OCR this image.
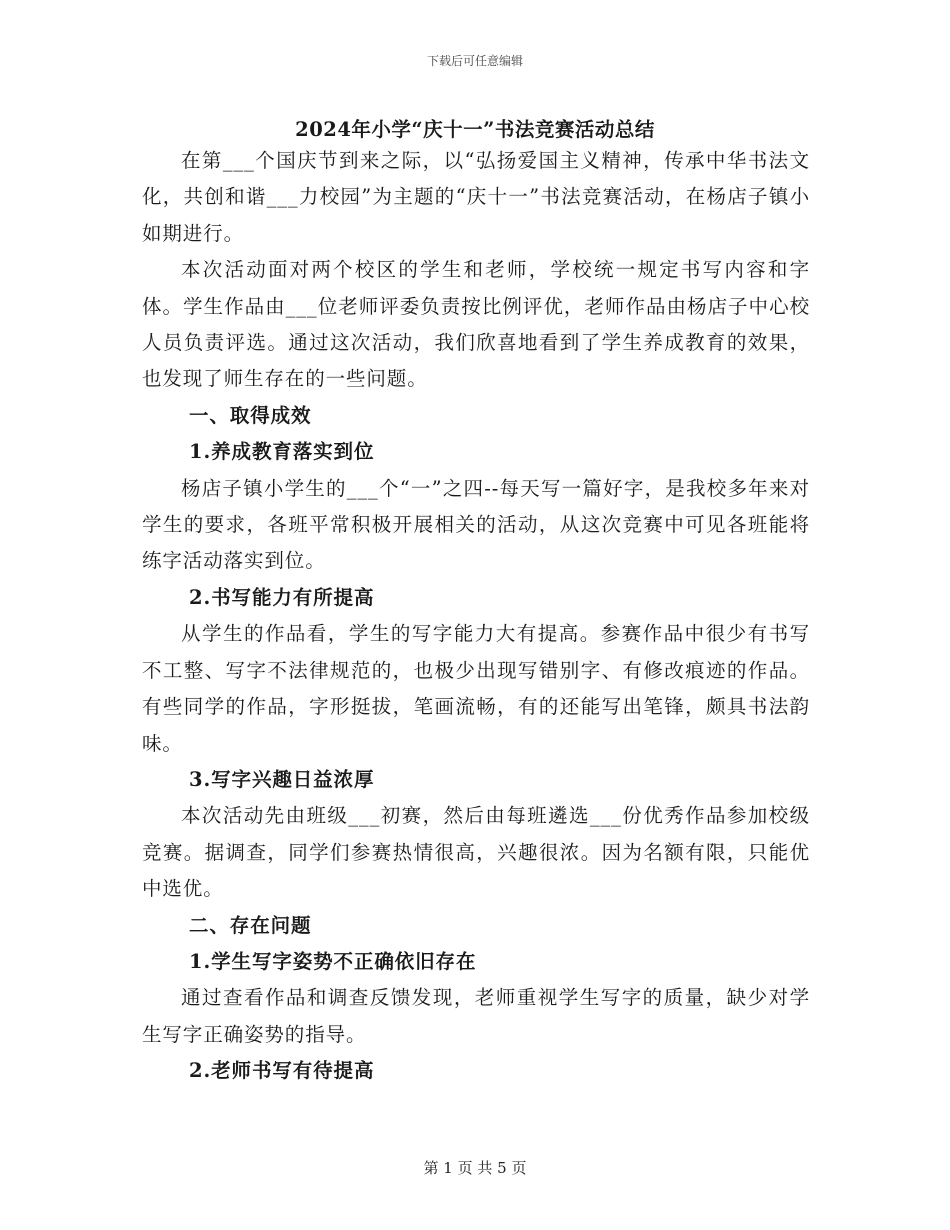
下载后可任意编辑
2024年小学“庆十一”书法竞赛活动总结

在第___个国庆节到来之际，以“弘扬爱国主义精神，传承中华书法文化，共创和谐___力校园”为主题的“庆十一”书法竞赛活动，在杨店子镇小如期进行。

本次活动面对两个校区的学生和老师，学校统一规定书写内容和字体。学生作品由___位老师评委负责按比例评优，老师作品由杨店子中心校人员负责评选。通过这次活动，我们欣喜地看到了学生养成教育的效果，也发现了师生存在的一些问题。

一、取得成效
1.养成教育落实到位

杨店子镇小学生的___个“一”之四--每天写一篇好字，是我校多年来对学生的要求，各班平常积极开展相关的活动，从这次竞赛中可见各班能将练字活动落实到位。

2.书写能力有所提高

从学生的作品看，学生的写字能力大有提高。参赛作品中很少有书写不工整、写字不法律规范的，也极少出现写错别字、有修改痕迹的作品。有些同学的作品，字形挺拔，笔画流畅，有的还能写出笔锋，颇具书法韵味。

3.写字兴趣日益浓厚

本次活动先由班级___初赛，然后由每班遴选___份优秀作品参加校级竞赛。据调查，同学们参赛热情很高，兴趣很浓。因为名额有限，只能优中选优。

二、存在问题
1.学生写字姿势不正确依旧存在

通过查看作品和调查反馈发现，老师重视学生写字的质量，缺少对学生写字正确姿势的指导。

2.老师书写有待提高
第 1 页 共 5 页
